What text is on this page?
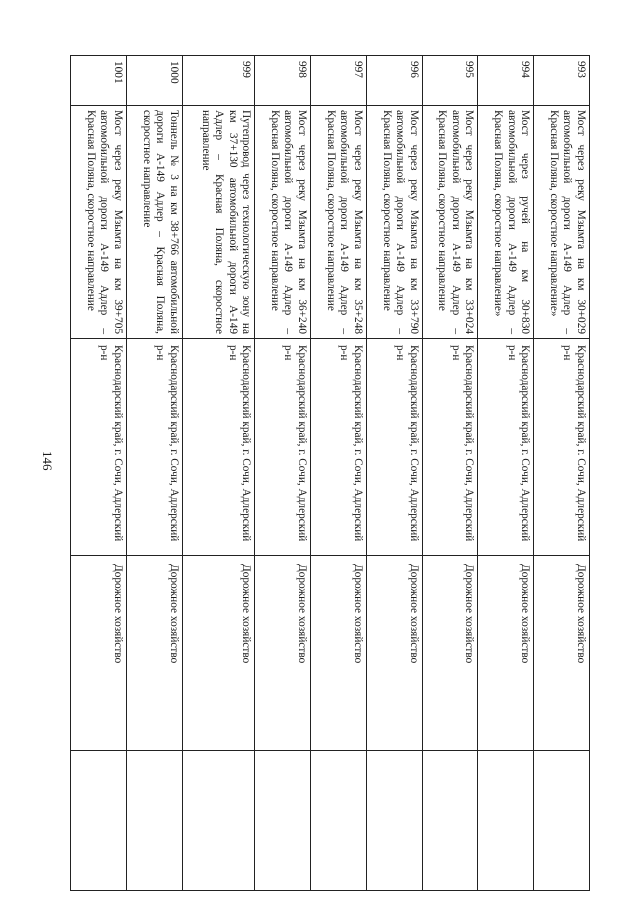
146
993	Мост через реку Мзымта на км 30+029 автомобильной дороги А-149 Адлер – Красная Поляна, скоростное направление»	Краснодарский край, г. Сочи, Адлерский р-н	Дорожное хозяйство	
994	Мост через ручей на км 30+830 автомобильной дороги А-149 Адлер – Красная Поляна, скоростное направление»	Краснодарский край, г. Сочи, Адлерский р-н	Дорожное хозяйство	
995	Мост через реку Мзымта на км 33+024 автомобильной дороги А-149 Адлер – Красная Поляна, скоростное направление	Краснодарский край, г. Сочи, Адлерский р-н	Дорожное хозяйство	
996	Мост через реку Мзымта на км 33+790 автомобильной дороги А-149 Адлер – Красная Поляна, скоростное направление	Краснодарский край, г. Сочи, Адлерский р-н	Дорожное хозяйство	
997	Мост через реку Мзымта на км 35+248 автомобильной дороги А-149 Адлер – Красная Поляна, скоростное направление	Краснодарский край, г. Сочи, Адлерский р-н	Дорожное хозяйство	
998	Мост через реку Мзымта на км 36+240 автомобильной дороги А-149 Адлер – Красная Поляна, скоростное направление	Краснодарский край, г. Сочи, Адлерский р-н	Дорожное хозяйство	
999	Путепровод через технологическую зону на км 37+130 автомобильной дороги А-149 Адлер – Красная Поляна, скоростное направление	Краснодарский край, г. Сочи, Адлерский р-н	Дорожное хозяйство	
1000	Тоннель № 3 на км 38+766 автомобильной дороги А-149 Адлер – Красная Поляна, скоростное направление	Краснодарский край, г. Сочи, Адлерский р-н	Дорожное хозяйство	
1001	Мост через реку Мзымта на км 39+705 автомобильной дороги А-149 Адлер – Красная Поляна, скоростное направление	Краснодарский край, г. Сочи, Адлерский р-н	Дорожное хозяйство	
